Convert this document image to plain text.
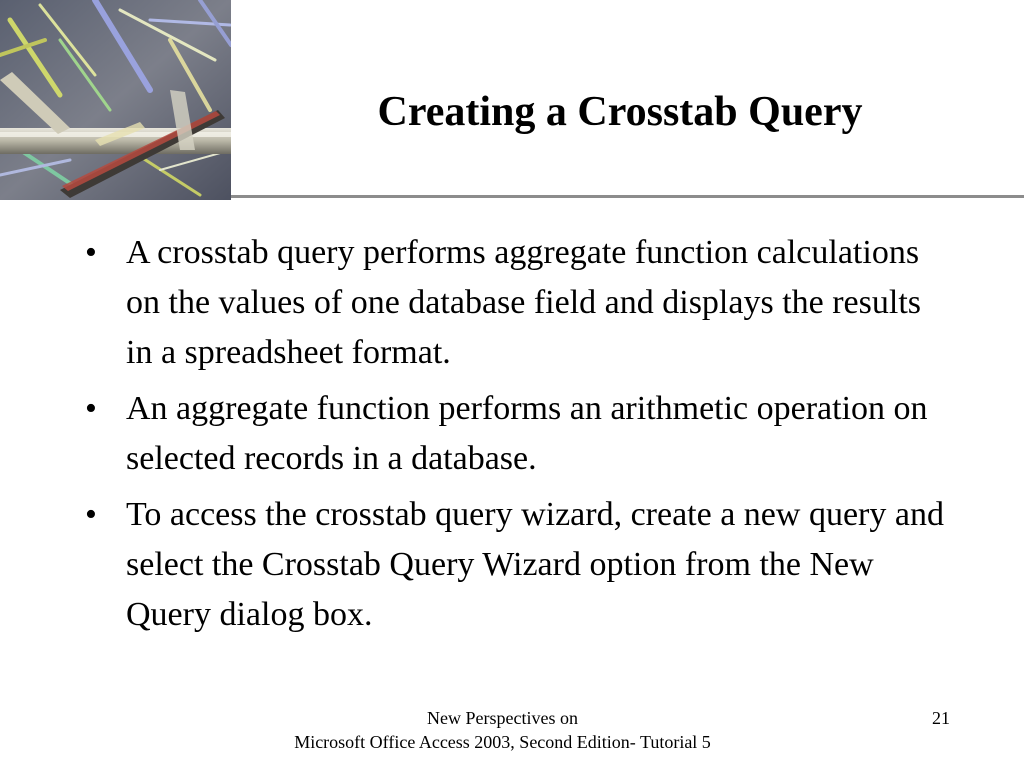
Creating a Crosstab Query
• A crosstab query performs aggregate function calculations on the values of one database field and displays the results in a spreadsheet format.
• An aggregate function performs an arithmetic operation on selected records in a database.
• To access the crosstab query wizard, create a new query and select the Crosstab Query Wizard option from the New Query dialog box.
New Perspectives on
Microsoft Office Access 2003, Second Edition- Tutorial 5
21
